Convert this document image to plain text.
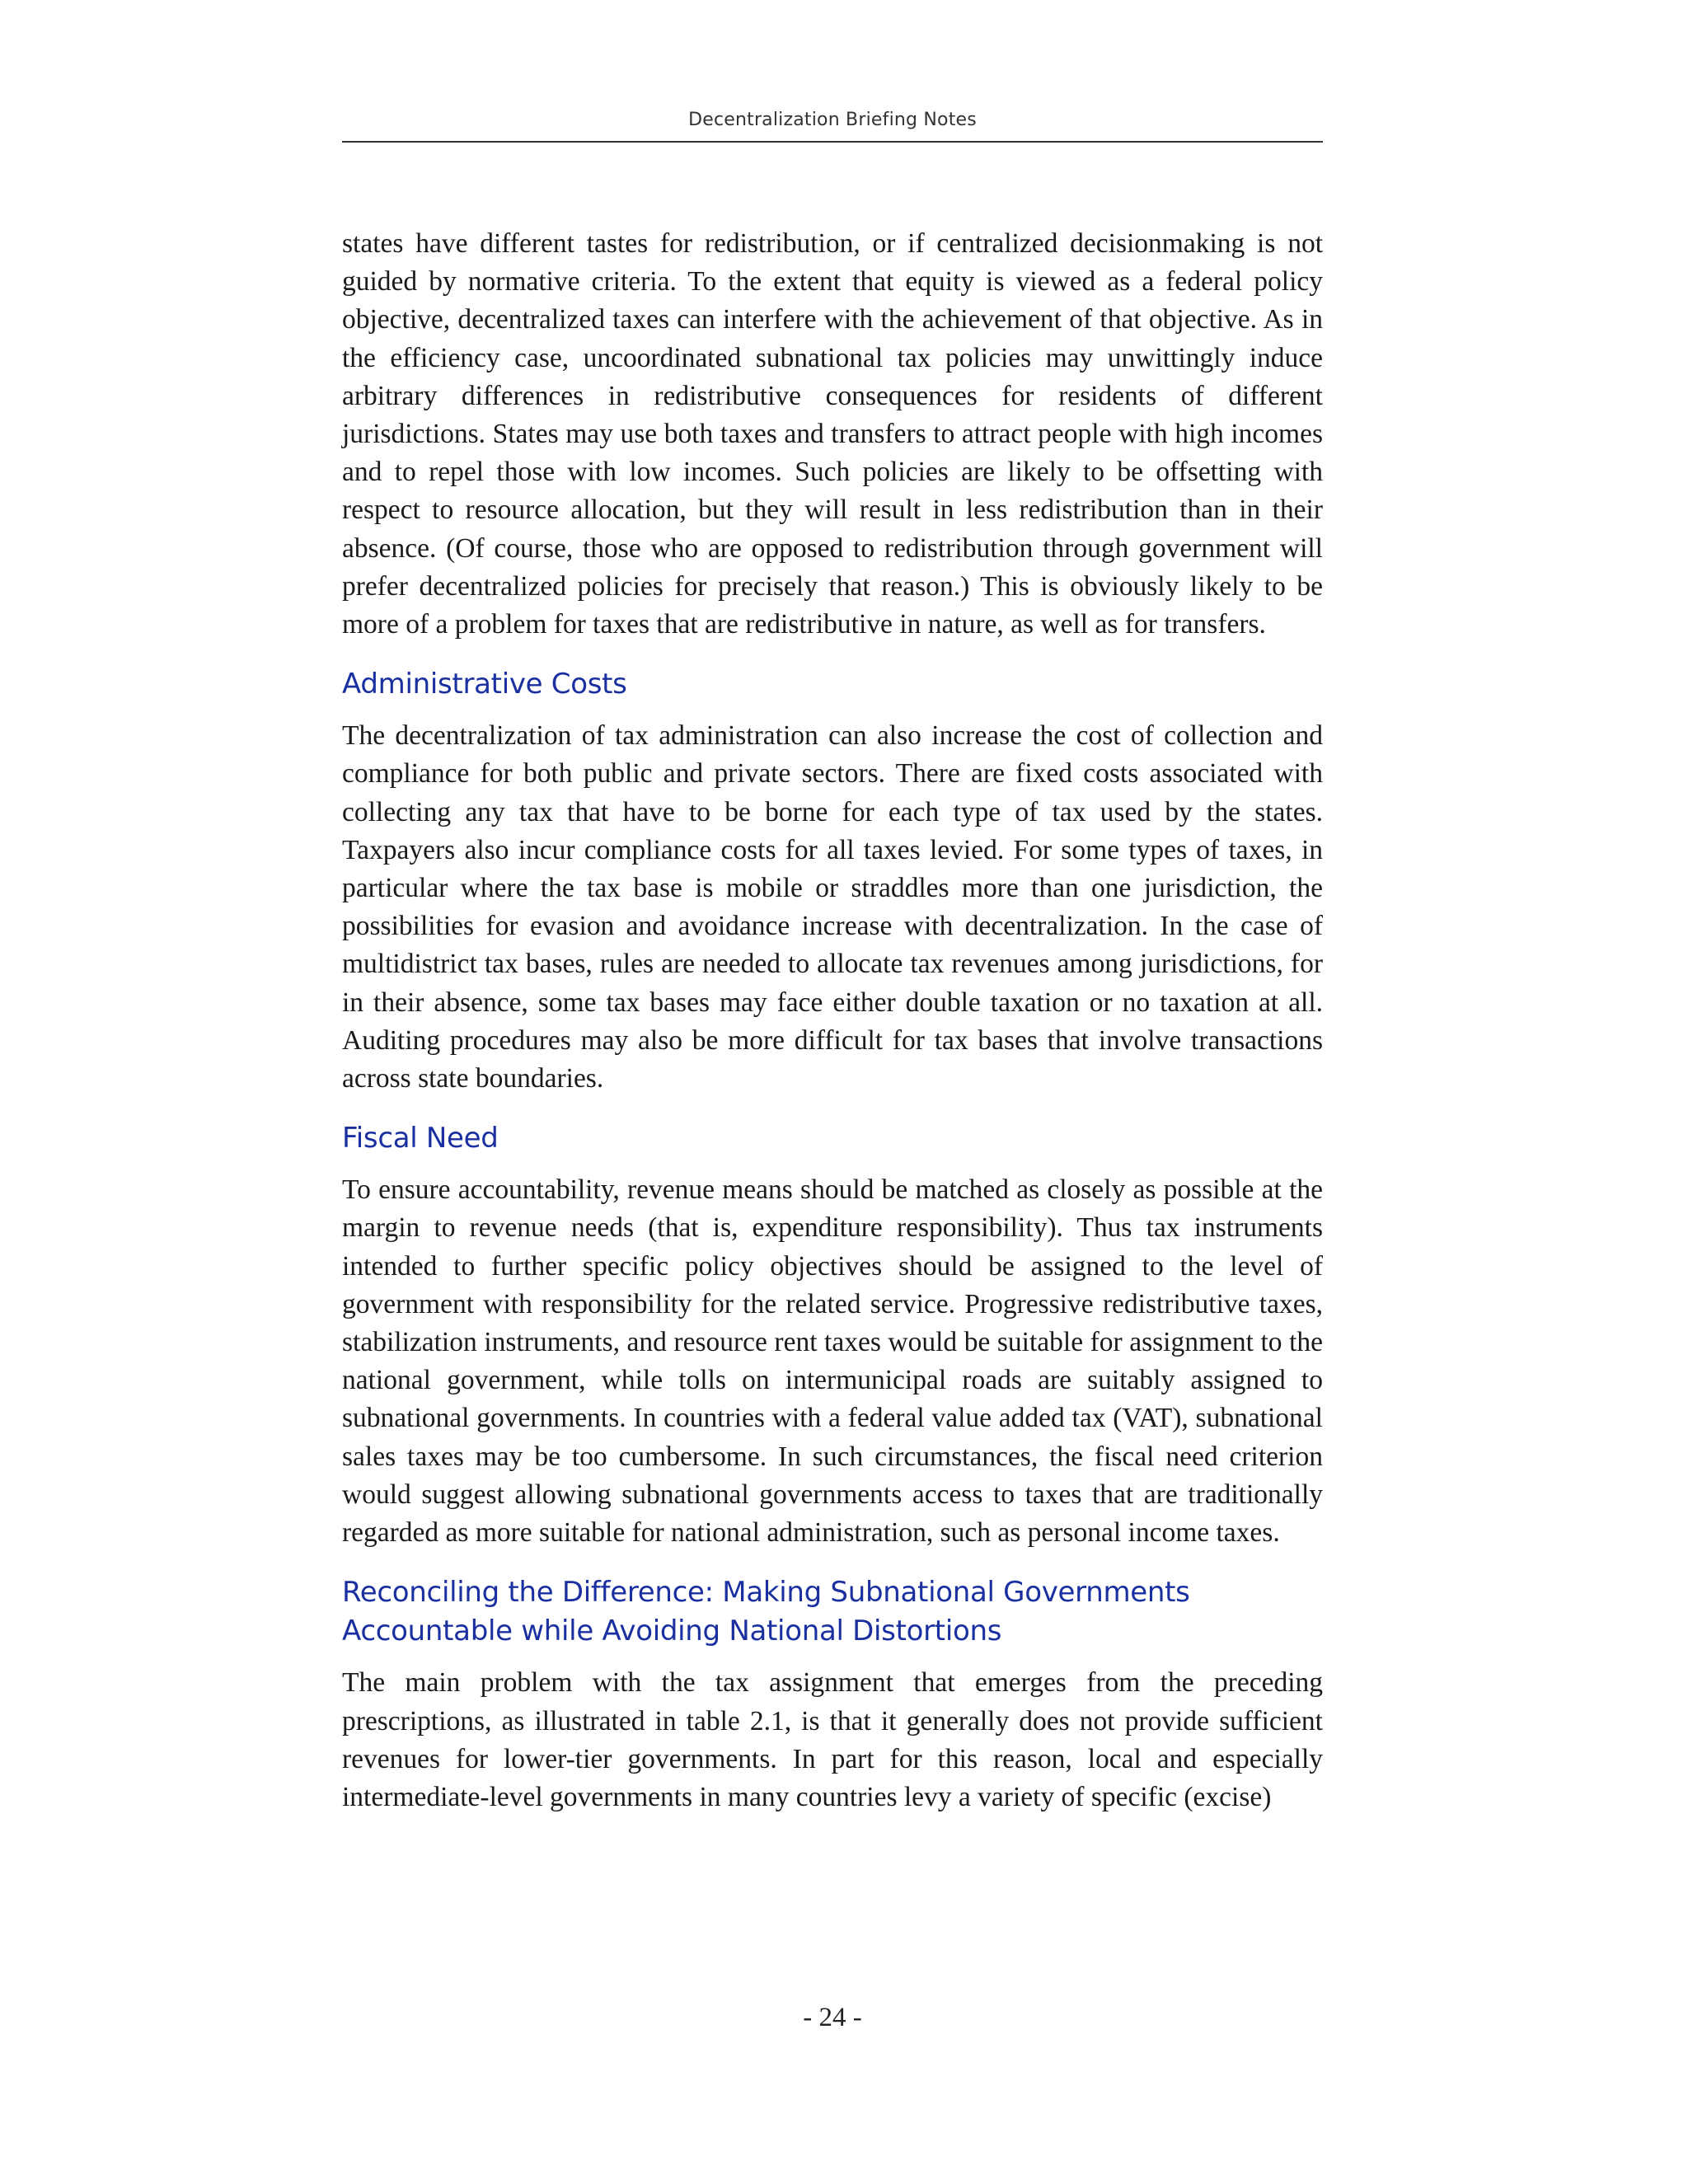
Decentralization Briefing Notes

states have different tastes for redistribution, or if centralized decisionmaking is not guided by normative criteria. To the extent that equity is viewed as a federal policy objective, decentralized taxes can interfere with the achievement of that objective. As in the efficiency case, uncoordinated subnational tax policies may unwittingly induce arbitrary differences in redistributive consequences for residents of different jurisdictions. States may use both taxes and transfers to attract people with high incomes and to repel those with low incomes. Such policies are likely to be offsetting with respect to resource allocation, but they will result in less redistribution than in their absence. (Of course, those who are opposed to redistribution through government will prefer decentralized policies for precisely that reason.) This is obviously likely to be more of a problem for taxes that are redistributive in nature, as well as for transfers.

Administrative Costs

The decentralization of tax administration can also increase the cost of collection and compliance for both public and private sectors. There are fixed costs associated with collecting any tax that have to be borne for each type of tax used by the states. Taxpayers also incur compliance costs for all taxes levied. For some types of taxes, in particular where the tax base is mobile or straddles more than one jurisdiction, the possibilities for evasion and avoidance increase with decentralization. In the case of multidistrict tax bases, rules are needed to allocate tax revenues among jurisdictions, for in their absence, some tax bases may face either double taxation or no taxation at all. Auditing procedures may also be more difficult for tax bases that involve transactions across state boundaries.

Fiscal Need

To ensure accountability, revenue means should be matched as closely as possible at the margin to revenue needs (that is, expenditure responsibility). Thus tax instruments intended to further specific policy objectives should be assigned to the level of government with responsibility for the related service. Progressive redistributive taxes, stabilization instruments, and resource rent taxes would be suitable for assignment to the national government, while tolls on intermunicipal roads are suitably assigned to subnational governments. In countries with a federal value added tax (VAT), subnational sales taxes may be too cumbersome. In such circumstances, the fiscal need criterion would suggest allowing subnational governments access to taxes that are traditionally regarded as more suitable for national administration, such as personal income taxes.

Reconciling the Difference: Making Subnational Governments Accountable while Avoiding National Distortions

The main problem with the tax assignment that emerges from the preceding prescriptions, as illustrated in table 2.1, is that it generally does not provide sufficient revenues for lower-tier governments. In part for this reason, local and especially intermediate-level governments in many countries levy a variety of specific (excise)

- 24 -
